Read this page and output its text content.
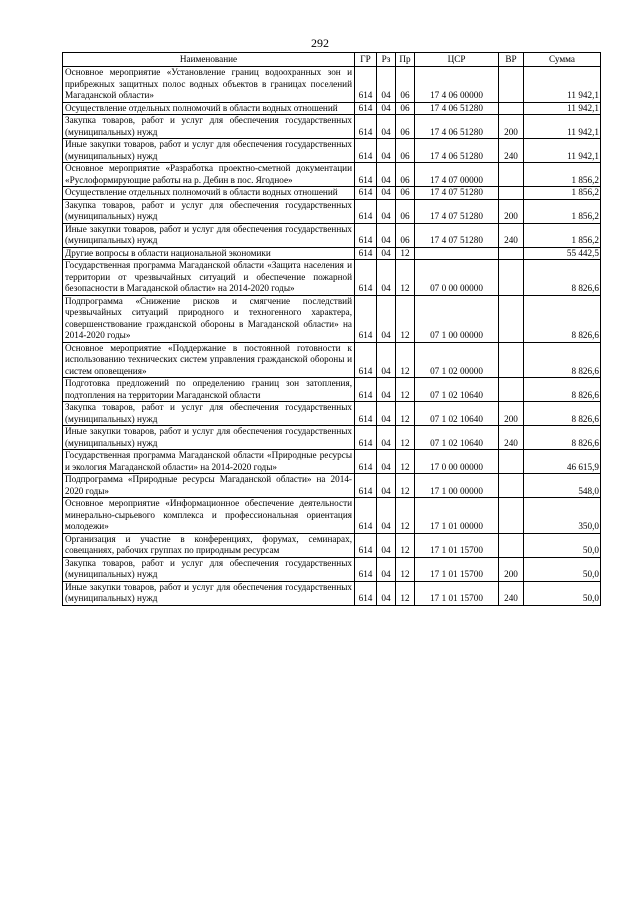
292
Наименование	ГР	Рз	Пр	ЦСР	ВР	Сумма
Основное мероприятие «Установление границ водоохранных зон и прибрежных защитных полос водных объектов в границах поселений Магаданской области»	614	04	06	17 4 06 00000		11 942,1
Осуществление отдельных полномочий в области водных отношений	614	04	06	17 4 06 51280		11 942,1
Закупка товаров, работ и услуг для обеспечения государственных (муниципальных) нужд	614	04	06	17 4 06 51280	200	11 942,1
Иные закупки товаров, работ и услуг для обеспечения государственных (муниципальных) нужд	614	04	06	17 4 06 51280	240	11 942,1
Основное мероприятие «Разработка проектно-сметной документации «Руслоформирующие работы на р. Дебин в пос. Ягодное»	614	04	06	17 4 07 00000		1 856,2
Осуществление отдельных полномочий в области водных отношений	614	04	06	17 4 07 51280		1 856,2
Закупка товаров, работ и услуг для обеспечения государственных (муниципальных) нужд	614	04	06	17 4 07 51280	200	1 856,2
Иные закупки товаров, работ и услуг для обеспечения государственных (муниципальных) нужд	614	04	06	17 4 07 51280	240	1 856,2
Другие вопросы в области национальной экономики	614	04	12			55 442,5
Государственная программа Магаданской области «Защита населения и территории от чрезвычайных ситуаций и обеспечение пожарной безопасности в Магаданской области» на 2014-2020 годы»	614	04	12	07 0 00 00000		8 826,6
Подпрограмма «Снижение рисков и смягчение последствий чрезвычайных ситуаций природного и техногенного характера, совершенствование гражданской обороны в Магаданской области» на 2014-2020 годы»	614	04	12	07 1 00 00000		8 826,6
Основное мероприятие «Поддержание в постоянной готовности к использованию технических систем управления гражданской обороны и систем оповещения»	614	04	12	07 1 02 00000		8 826,6
Подготовка предложений по определению границ зон затопления, подтопления на территории Магаданской области	614	04	12	07 1 02 10640		8 826,6
Закупка товаров, работ и услуг для обеспечения государственных (муниципальных) нужд	614	04	12	07 1 02 10640	200	8 826,6
Иные закупки товаров, работ и услуг для обеспечения государственных (муниципальных) нужд	614	04	12	07 1 02 10640	240	8 826,6
Государственная программа Магаданской области «Природные ресурсы и экология Магаданской области» на 2014-2020 годы»	614	04	12	17 0 00 00000		46 615,9
Подпрограмма «Природные ресурсы Магаданской области» на 2014-2020 годы»	614	04	12	17 1 00 00000		548,0
Основное мероприятие «Информационное обеспечение деятельности минерально-сырьевого комплекса и профессиональная ориентация молодежи»	614	04	12	17 1 01 00000		350,0
Организация и участие в конференциях, форумах, семинарах, совещаниях, рабочих группах по природным ресурсам	614	04	12	17 1 01 15700		50,0
Закупка товаров, работ и услуг для обеспечения государственных (муниципальных) нужд	614	04	12	17 1 01 15700	200	50,0
Иные закупки товаров, работ и услуг для обеспечения государственных (муниципальных) нужд	614	04	12	17 1 01 15700	240	50,0
